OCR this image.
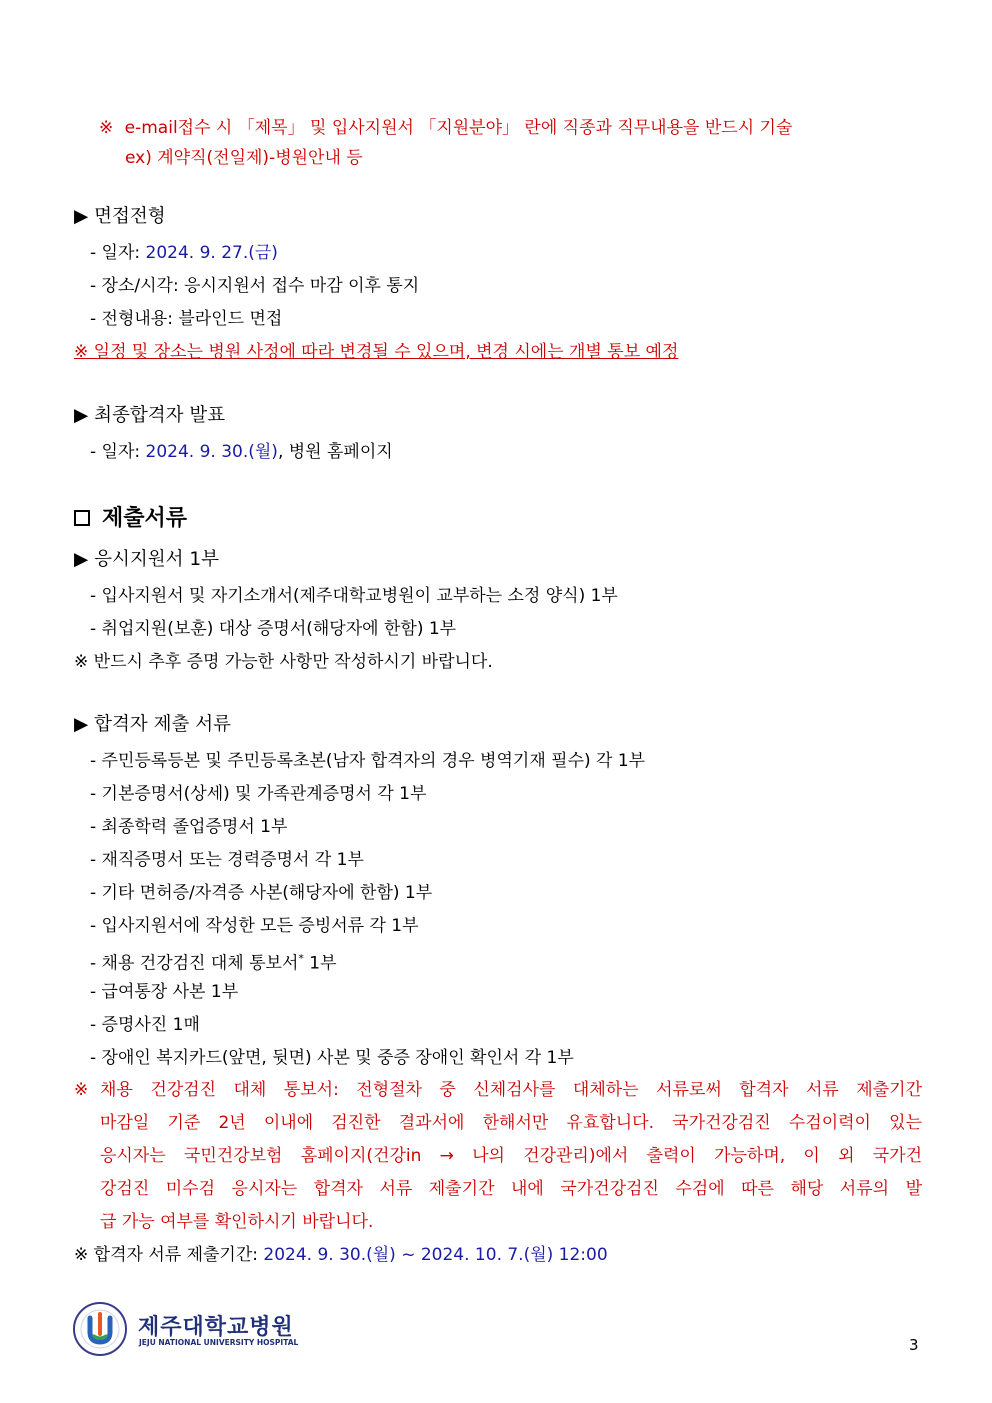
※ e-mail접수 시 「제목」 및 입사지원서 「지원분야」 란에 직종과 직무내용을 반드시 기술
ex) 계약직(전일제)-병원안내 등
▶ 면접전형
- 일자: 2024. 9. 27.(금)
- 장소/시각: 응시지원서 접수 마감 이후 통지
- 전형내용: 블라인드 면접
※ 일정 및 장소는 병원 사정에 따라 변경될 수 있으며, 변경 시에는 개별 통보 예정
▶ 최종합격자 발표
- 일자: 2024. 9. 30.(월), 병원 홈페이지
제출서류
▶ 응시지원서 1부
- 입사지원서 및 자기소개서(제주대학교병원이 교부하는 소정 양식) 1부
- 취업지원(보훈) 대상 증명서(해당자에 한함) 1부
※ 반드시 추후 증명 가능한 사항만 작성하시기 바랍니다.
▶ 합격자 제출 서류
- 주민등록등본 및 주민등록초본(남자 합격자의 경우 병역기재 필수) 각 1부
- 기본증명서(상세) 및 가족관계증명서 각 1부
- 최종학력 졸업증명서 1부
- 재직증명서 또는 경력증명서 각 1부
- 기타 면허증/자격증 사본(해당자에 한함) 1부
- 입사지원서에 작성한 모든 증빙서류 각 1부
- 채용 건강검진 대체 통보서* 1부
- 급여통장 사본 1부
- 증명사진 1매
- 장애인 복지카드(앞면, 뒷면) 사본 및 중증 장애인 확인서 각 1부
※ 채용 건강검진 대체 통보서: 전형절차 중 신체검사를 대체하는 서류로써 합격자 서류 제출기간
마감일 기준 2년 이내에 검진한 결과서에 한해서만 유효합니다. 국가건강검진 수검이력이 있는
응시자는 국민건강보험 홈페이지(건강in → 나의 건강관리)에서 출력이 가능하며, 이 외 국가건
강검진 미수검 응시자는 합격자 서류 제출기간 내에 국가건강검진 수검에 따른 해당 서류의 발
급 가능 여부를 확인하시기 바랍니다.
※ 합격자 서류 제출기간: 2024. 9. 30.(월) ~ 2024. 10. 7.(월) 12:00
제주대학교병원
JEJU NATIONAL UNIVERSITY HOSPITAL	3
